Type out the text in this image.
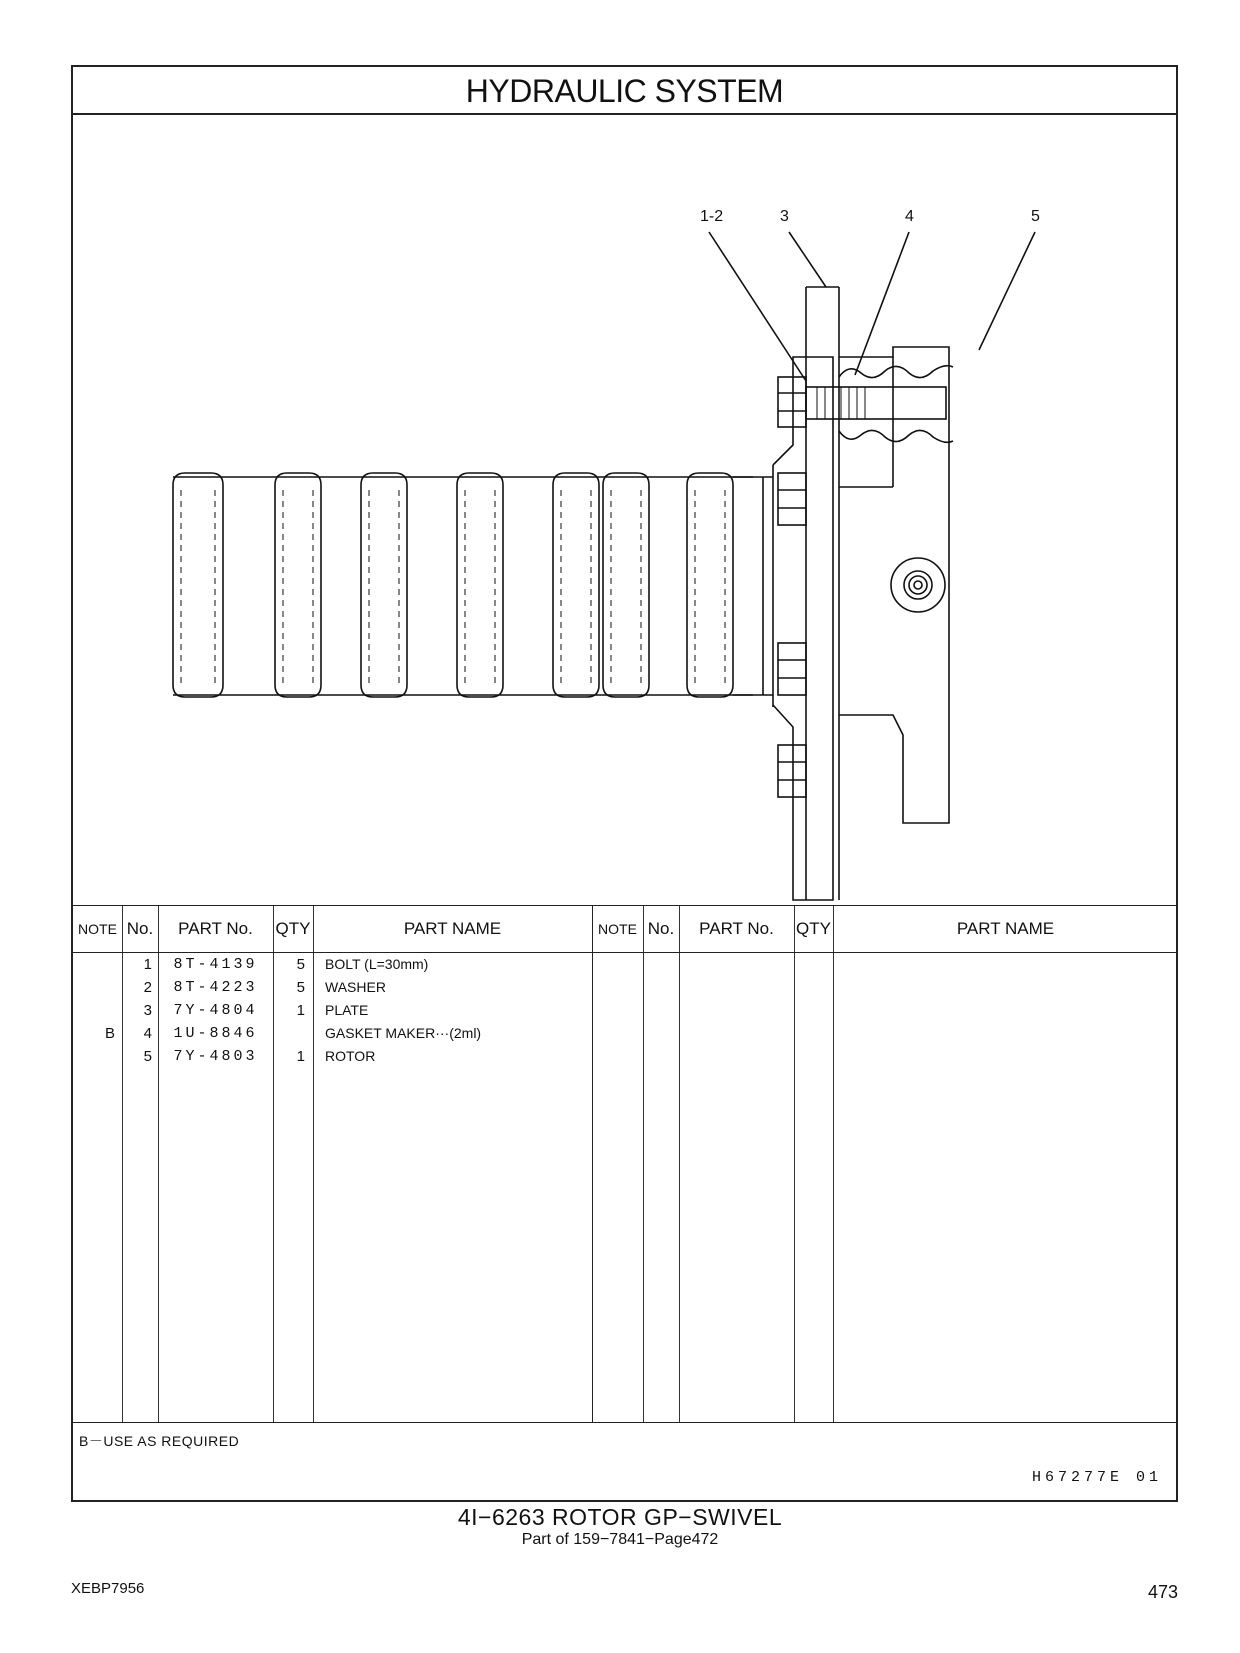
HYDRAULIC SYSTEM
1-2	3	4	5
NOTE No.	PART No.	QTY	PART NAME	NOTE No.	PART No.	QTY	PART NAME
1	8T-4139	5 BOLT (L=30mm)
2	8T-4223	5 WASHER
3	7Y-4804	1 PLATE
B	4	1U-8846	GASKET MAKER···(2ml)
5	7Y-4803	1 ROTOR
B－USE AS REQUIRED
H67277E 01
4I−6263 ROTOR GP−SWIVEL
Part of 159−7841−Page472
XEBP7956	473
